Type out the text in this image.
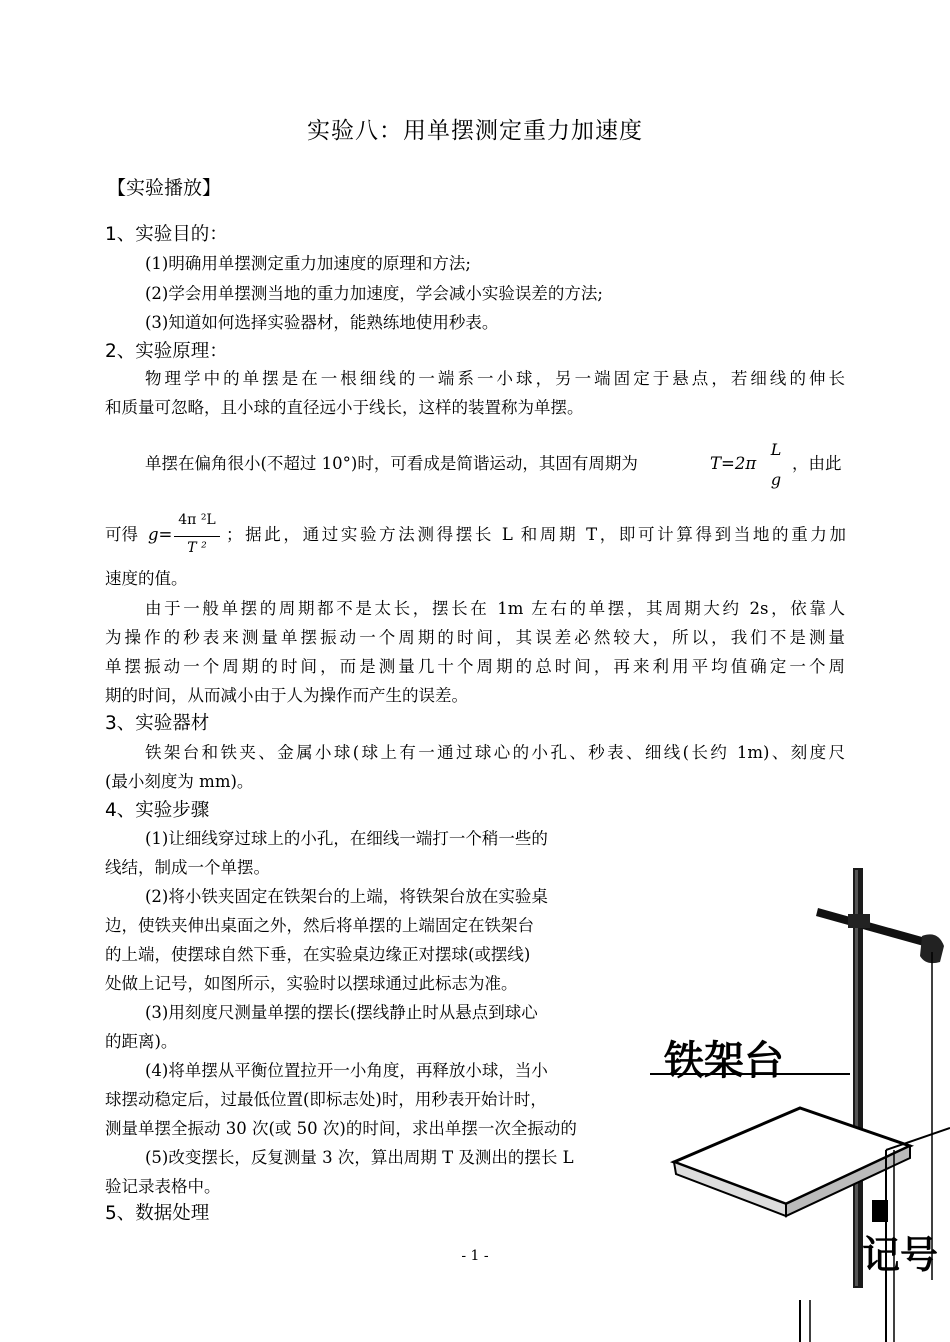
实验八：用单摆测定重力加速度
【实验播放】
1、实验目的：
(1)明确用单摆测定重力加速度的原理和方法;
(2)学会用单摆测当地的重力加速度，学会减小实验误差的方法;
(3)知道如何选择实验器材，能熟练地使用秒表。
2、实验原理：
物理学中的单摆是在一根细线的一端系一小球，另一端固定于悬点，若细线的伸长
和质量可忽略，且小球的直径远小于线长，这样的装置称为单摆。
单摆在偏角很小(不超过 10°)时，可看成是简谐运动，其固有周期为	T=2π
L
g
，由此
可得 g=
4π ²L
T ²
；据此，通过实验方法测得摆长 L 和周期 T，即可计算得到当地的重力加
速度的值。
由于一般单摆的周期都不是太长，摆长在 1m 左右的单摆，其周期大约 2s，依靠人
为操作的秒表来测量单摆振动一个周期的时间，其误差必然较大，所以，我们不是测量
单摆振动一个周期的时间，而是测量几十个周期的总时间，再来利用平均值确定一个周
期的时间，从而减小由于人为操作而产生的误差。
3、实验器材
铁架台和铁夹、金属小球(球上有一通过球心的小孔、秒表、细线(长约 1m)、刻度尺
(最小刻度为 mm)。
4、实验步骤
(1)让细线穿过球上的小孔，在细线一端打一个稍一些的
线结，制成一个单摆。
(2)将小铁夹固定在铁架台的上端，将铁架台放在实验桌
边，使铁夹伸出桌面之外，然后将单摆的上端固定在铁架台
的上端，使摆球自然下垂，在实验桌边缘正对摆球(或摆线)
处做上记号，如图所示，实验时以摆球通过此标志为准。
(3)用刻度尺测量单摆的摆长(摆线静止时从悬点到球心
的距离)。
(4)将单摆从平衡位置拉开一小角度，再释放小球，当小
球摆动稳定后，过最低位置(即标志处)时，用秒表开始计时，
测量单摆全振动 30 次(或 50 次)的时间，求出单摆一次全振动的
(5)改变摆长，反复测量 3 次，算出周期 T 及测出的摆长 L
验记录表格中。
5、数据处理
铁架台
记号
- 1 -
